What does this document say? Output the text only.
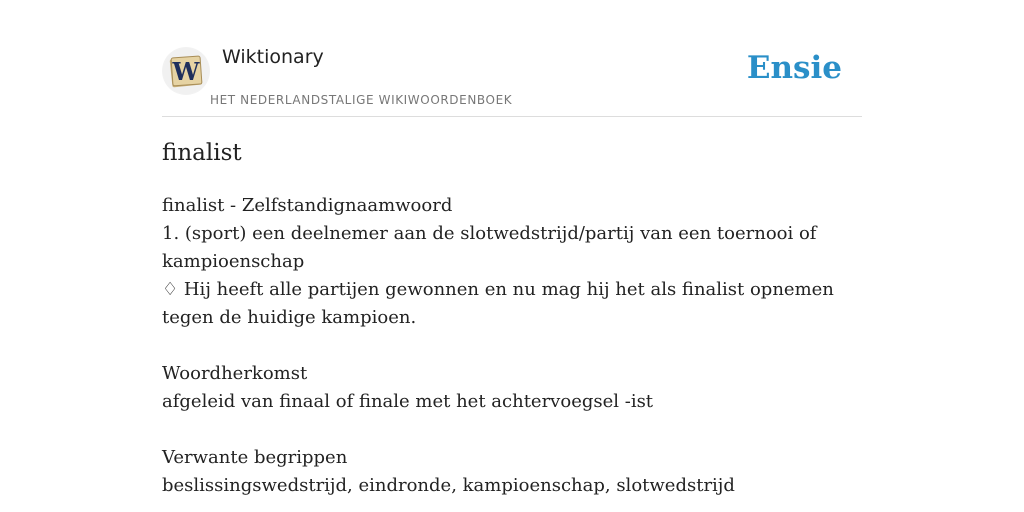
W Wiktionary
HET NEDERLANDSTALIGE WIKIWOORDENBOEK
Ensie
finalist
finalist - Zelfstandignaamwoord
1. (sport) een deelnemer aan de slotwedstrijd/partij van een toernooi of kampioenschap
♢ Hij heeft alle partijen gewonnen en nu mag hij het als finalist opnemen tegen de huidige kampioen.
Woordherkomst
afgeleid van finaal of finale met het achtervoegsel -ist
Verwante begrippen
beslissingswedstrijd, eindronde, kampioenschap, slotwedstrijd
